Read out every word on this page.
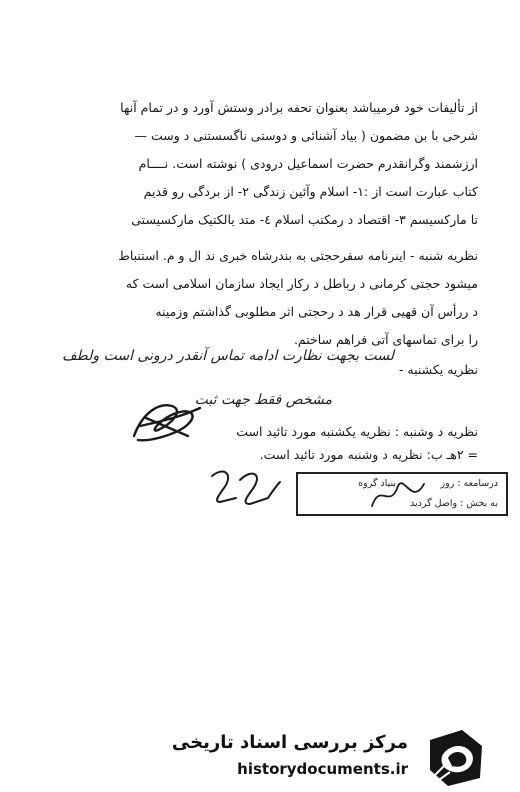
از تألیفات خود فرمیباشد بعنوان تحفه برادر وستش آورد و در تمام آنها
شرحی با بن مضمون ( بیاد آشنائی و دوستی ناگسستنی د وست —
ارزشمند وگرانقدرم حضرت اسماعیل درودی ) نوشته است. نــــام
کتاب عبارت است از :۱- اسلام وآئین زندگی ۲- از بردگی رو قدیم
تا مارکسیسم ۳- اقتصاد د رمکتب اسلام ٤- متد یالکتیک مارکسیستی
نظریه شنبه - اینرنامه سفرحجتی به بندرشاه خبری ند ال و م. استنباط
میشود حجتی کرمانی د رباطل د رکار ایجاد سازمان اسلامی است که
د ررأس آن قهیی قرار هد د رحجتی اثر مطلوبی گذاشتم وزمینه
را برای تماسهای آتی فراهم ساختم.
نظریه یکشنبه -
لست بجهت نظارت ادامه تماس آنقدر درونی است ولطف
مشخص فقط جهت ثبت
نظریه د وشنبه : نظریه یکشنبه مورد تائید است
= ۲هـ ب: نظریه د وشنبه مورد تائید است.
درسامعه : روز
بنیاد گروه
به بخش : واصل گردید
مرکز بررسی اسناد تاریخی
historydocuments.ir
